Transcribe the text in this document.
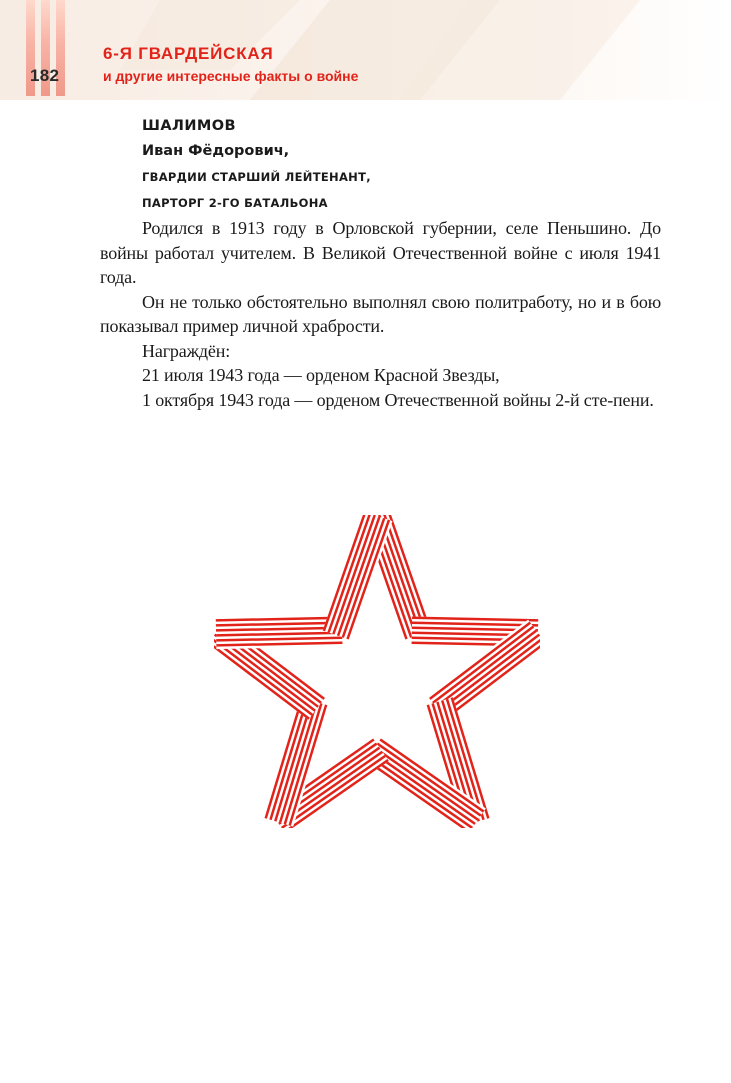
182
6-Я ГВАРДЕЙСКАЯ
и другие интересные факты о войне

ШАЛИМОВ

Иван Фёдорович,

ГВАРДИИ СТАРШИЙ ЛЕЙТЕНАНТ,

ПАРТОРГ 2-ГО БАТАЛЬОНА

Родился в 1913 году в Орловской губернии, селе Пеньшино. До войны работал учителем. В Великой Отечественной войне с июля 1941 года.

Он не только обстоятельно выполнял свою политработу, но и в бою показывал пример личной храбрости.

Награждён:

21 июля 1943 года — орденом Красной Звезды,

1 октября 1943 года — орденом Отечественной войны 2-й сте-пени.
